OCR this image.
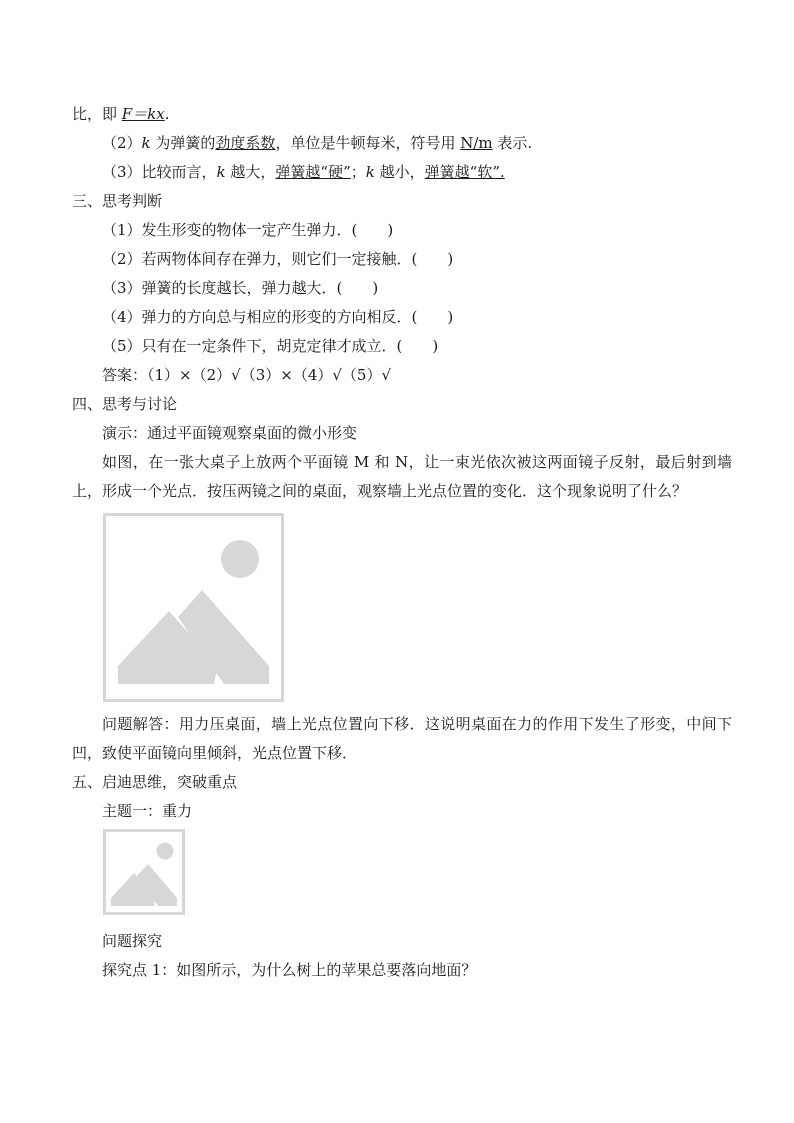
比，即 F＝kx.
（2）k 为弹簧的劲度系数，单位是牛顿每米，符号用 N/m 表示.
（3）比较而言，k 越大，弹簧越“硬”；k 越小，弹簧越“软”.
三、思考判断
（1）发生形变的物体一定产生弹力．(　　)
（2）若两物体间存在弹力，则它们一定接触．(　　)
（3）弹簧的长度越长，弹力越大．(　　)
（4）弹力的方向总与相应的形变的方向相反．(　　)
（5）只有在一定条件下，胡克定律才成立．(　　)
答案：（1）×（2）√（3）×（4）√（5）√
四、思考与讨论
演示：通过平面镜观察桌面的微小形变
如图，在一张大桌子上放两个平面镜 M 和 N，让一束光依次被这两面镜子反射，最后射到墙上，形成一个光点．按压两镜之间的桌面，观察墙上光点位置的变化．这个现象说明了什么？
问题解答：用力压桌面，墙上光点位置向下移．这说明桌面在力的作用下发生了形变，中间下凹，致使平面镜向里倾斜，光点位置下移．
五、启迪思维，突破重点
主题一：重力
问题探究
探究点 1：如图所示，为什么树上的苹果总要落向地面？
